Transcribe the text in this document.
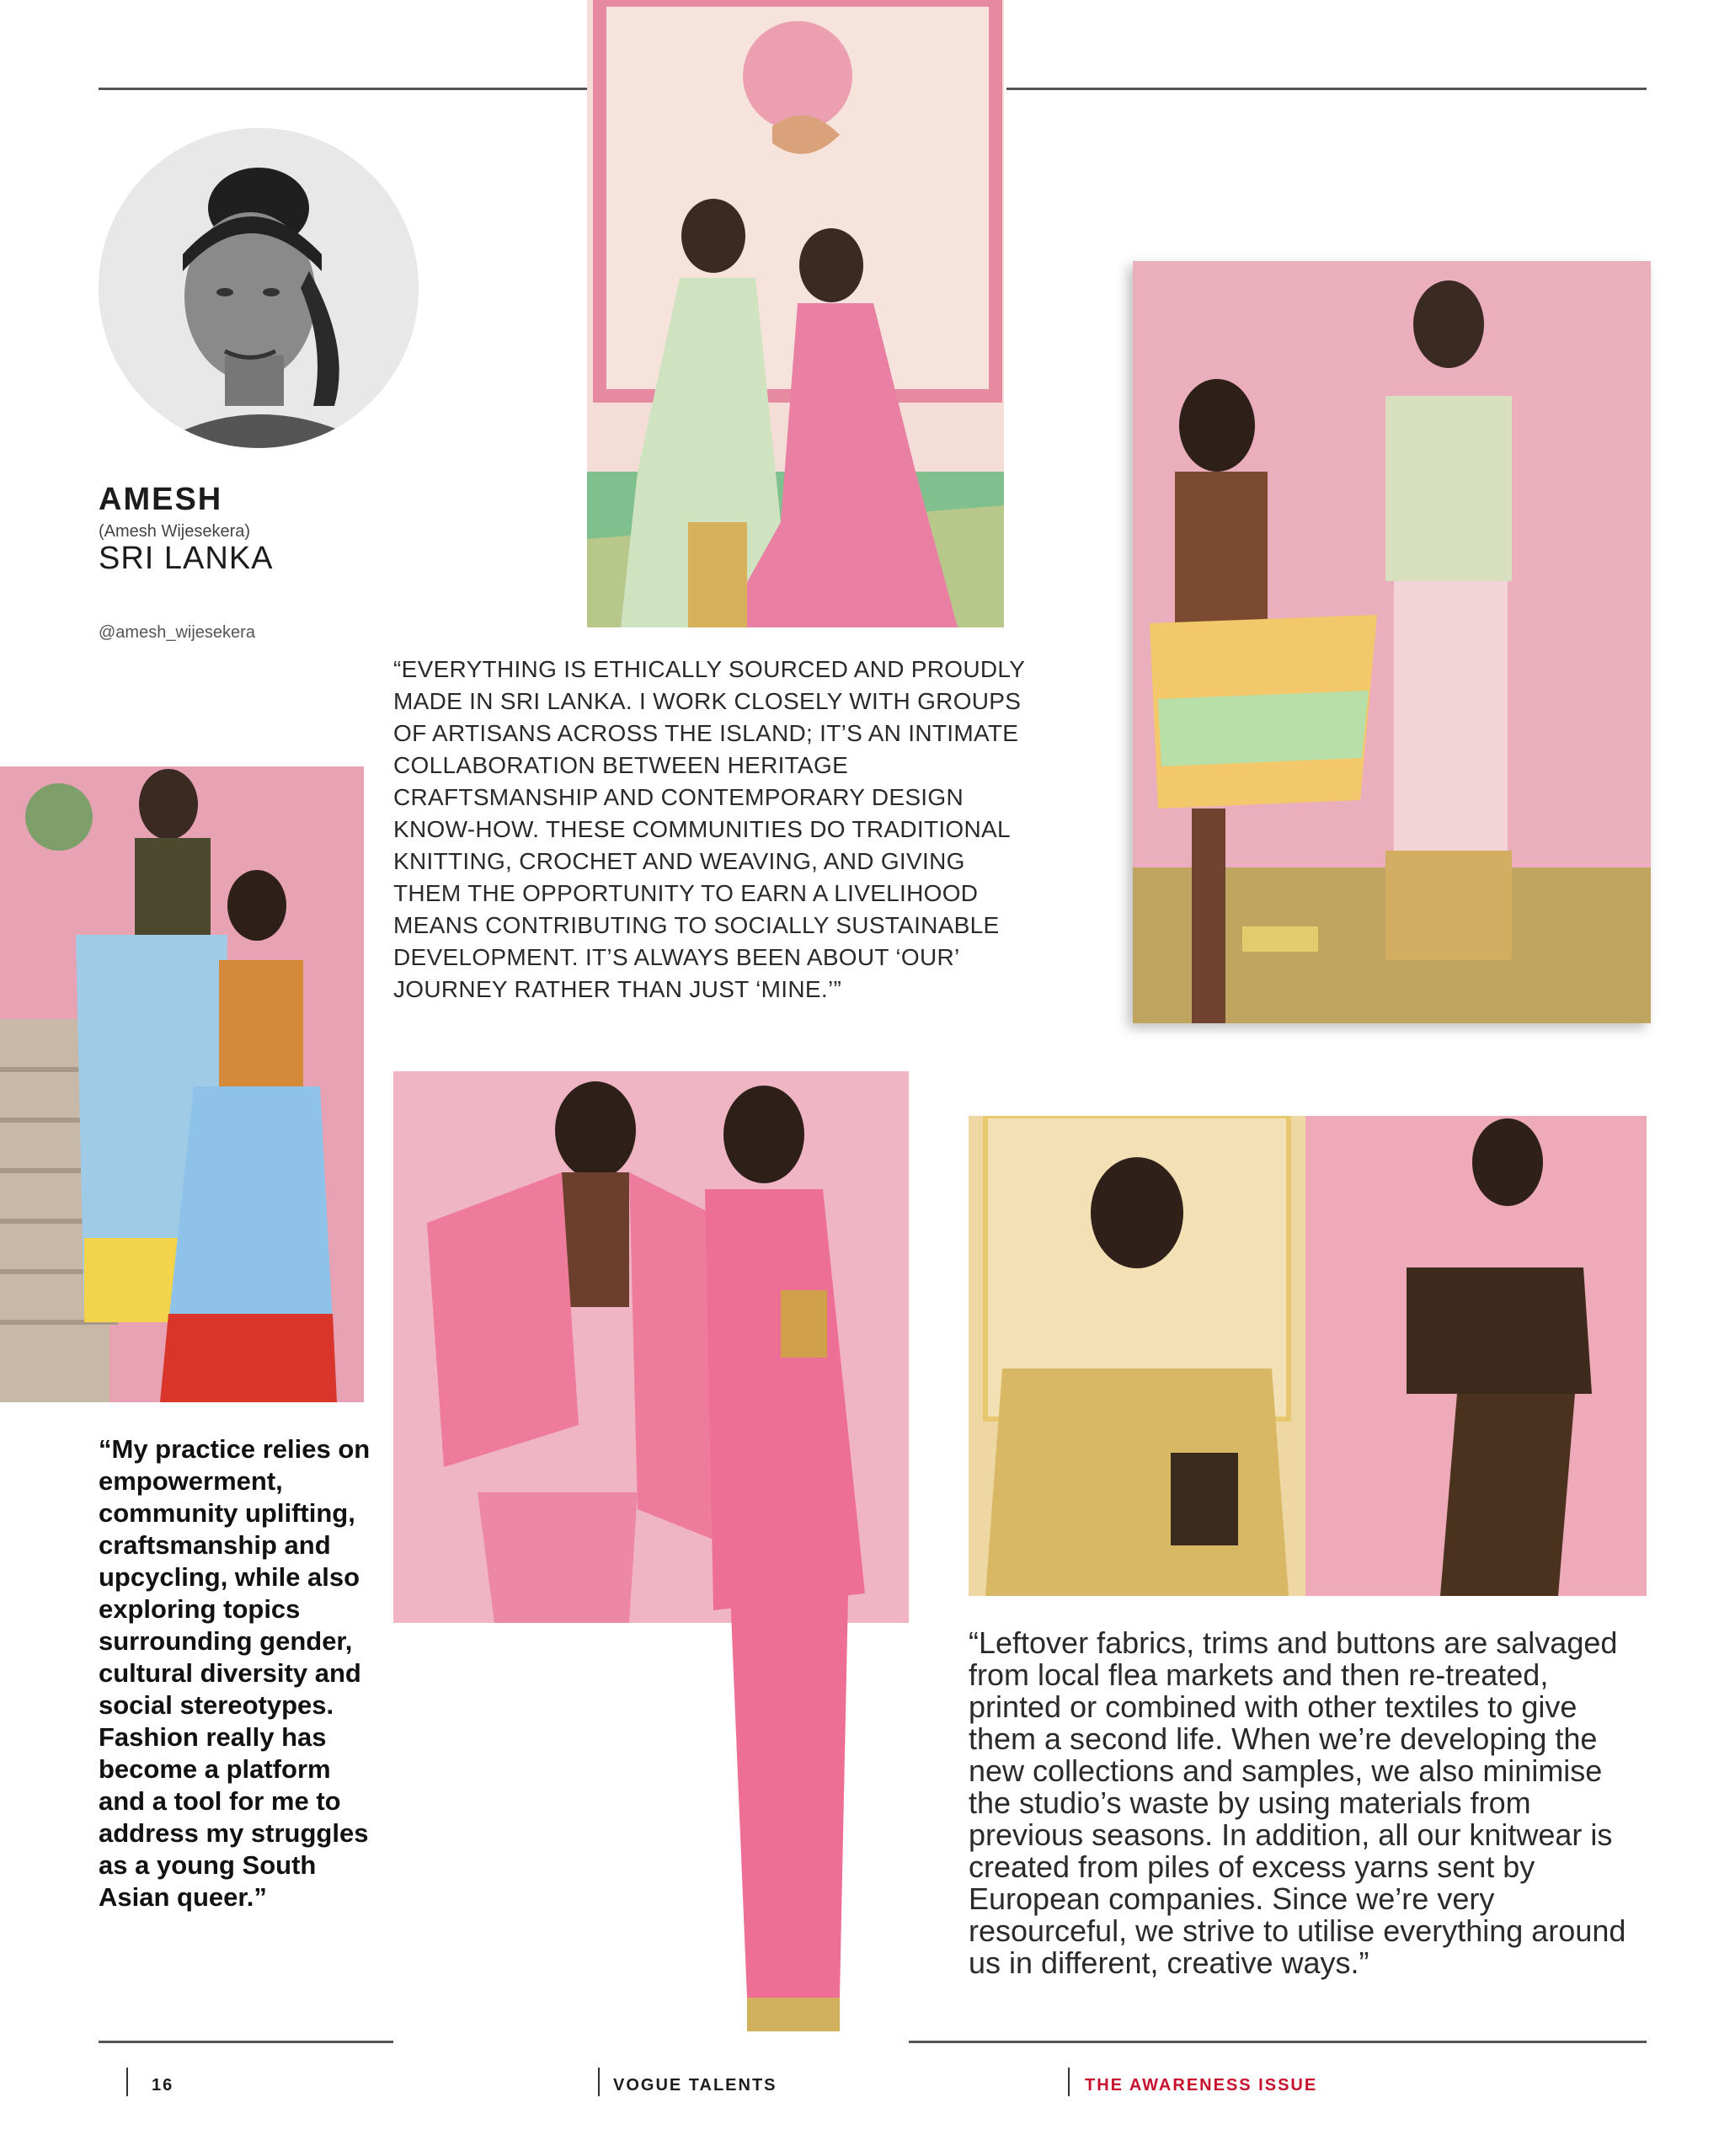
AMESH
(Amesh Wijesekera)
SRI LANKA
@amesh_wijesekera
“EVERYTHING IS ETHICALLY SOURCED AND PROUDLY MADE IN SRI LANKA. I WORK CLOSELY WITH GROUPS OF ARTISANS ACROSS THE ISLAND; IT’S AN INTIMATE COLLABORATION BETWEEN HERITAGE CRAFTSMANSHIP AND CONTEMPORARY DESIGN KNOW-HOW. THESE COMMUNITIES DO TRADITIONAL KNITTING, CROCHET AND WEAVING, AND GIVING THEM THE OPPORTUNITY TO EARN A LIVELIHOOD MEANS CONTRIBUTING TO SOCIALLY SUSTAINABLE DEVELOPMENT. IT’S ALWAYS BEEN ABOUT ‘OUR’ JOURNEY RATHER THAN JUST ‘MINE.’”
“My practice relies on empowerment, community uplifting, craftsmanship and upcycling, while also exploring topics surrounding gender, cultural diversity and social stereotypes. Fashion really has become a platform and a tool for me to address my struggles as a young South Asian queer.”
“Leftover fabrics, trims and buttons are salvaged from local flea markets and then re-treated, printed or combined with other textiles to give them a second life. When we’re developing the new collections and samples, we also minimise the studio’s waste by using materials from previous seasons. In addition, all our knitwear is created from piles of excess yarns sent by European companies. Since we’re very resourceful, we strive to utilise everything around us in different, creative ways.”
16	VOGUE TALENTS	THE AWARENESS ISSUE
